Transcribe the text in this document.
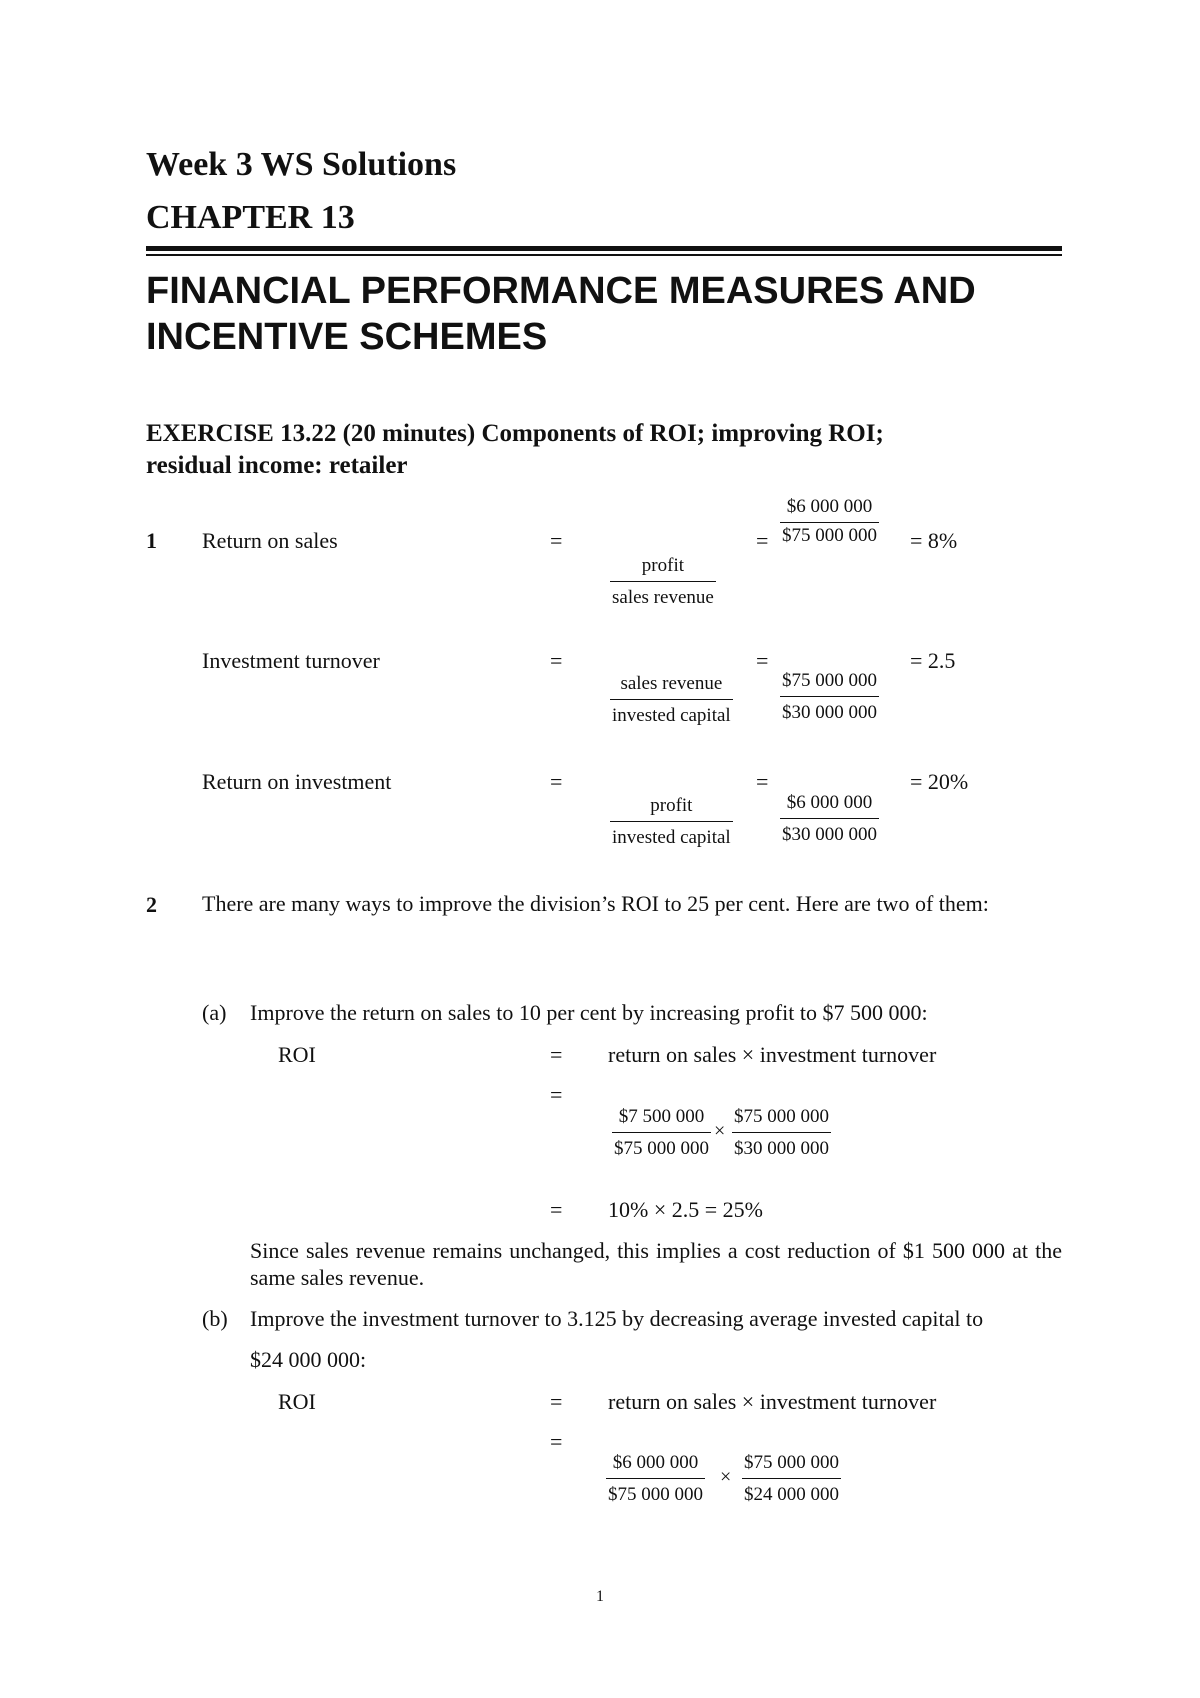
Week 3 WS Solutions
CHAPTER 13
FINANCIAL PERFORMANCE MEASURES AND
INCENTIVE SCHEMES
EXERCISE 13.22 (20 minutes) Components of ROI; improving ROI;
residual income: retailer
1 Return on sales	=
profit
sales revenue
= $\frac{\$6 000 000}{\$75 000 000} = 8\%$
Investment turnover	=
sales revenue
invested capital
=
$\frac{\$75 000 000}{\$30 000 000}$
= 2.5
Return on investment	=
profit
invested capital
=
$\frac{\$6 000 000}{\$30 000 000}$
= 20%
2 There are many ways to improve the division’s ROI to 25 per cent. Here are two of them:
(a) Improve the return on sales to 10 per cent by increasing profit to $7 500 000:
ROI	= return on sales × investment turnover
=
$\frac{\$7 500 000}{\$75 000 000} \times \frac{\$75 000 000}{\$30 000 000}$
= 10% × 2.5 = 25%
Since sales revenue remains unchanged, this implies a cost reduction of $1 500 000 at the same sales revenue.
(b) Improve the investment turnover to 3.125 by decreasing average invested capital to
$24 000 000:
ROI	= return on sales × investment turnover
=
$\frac{\$6 000 000}{\$75 000 000} \times \frac{\$75 000 000}{\$24 000 000}$
1
